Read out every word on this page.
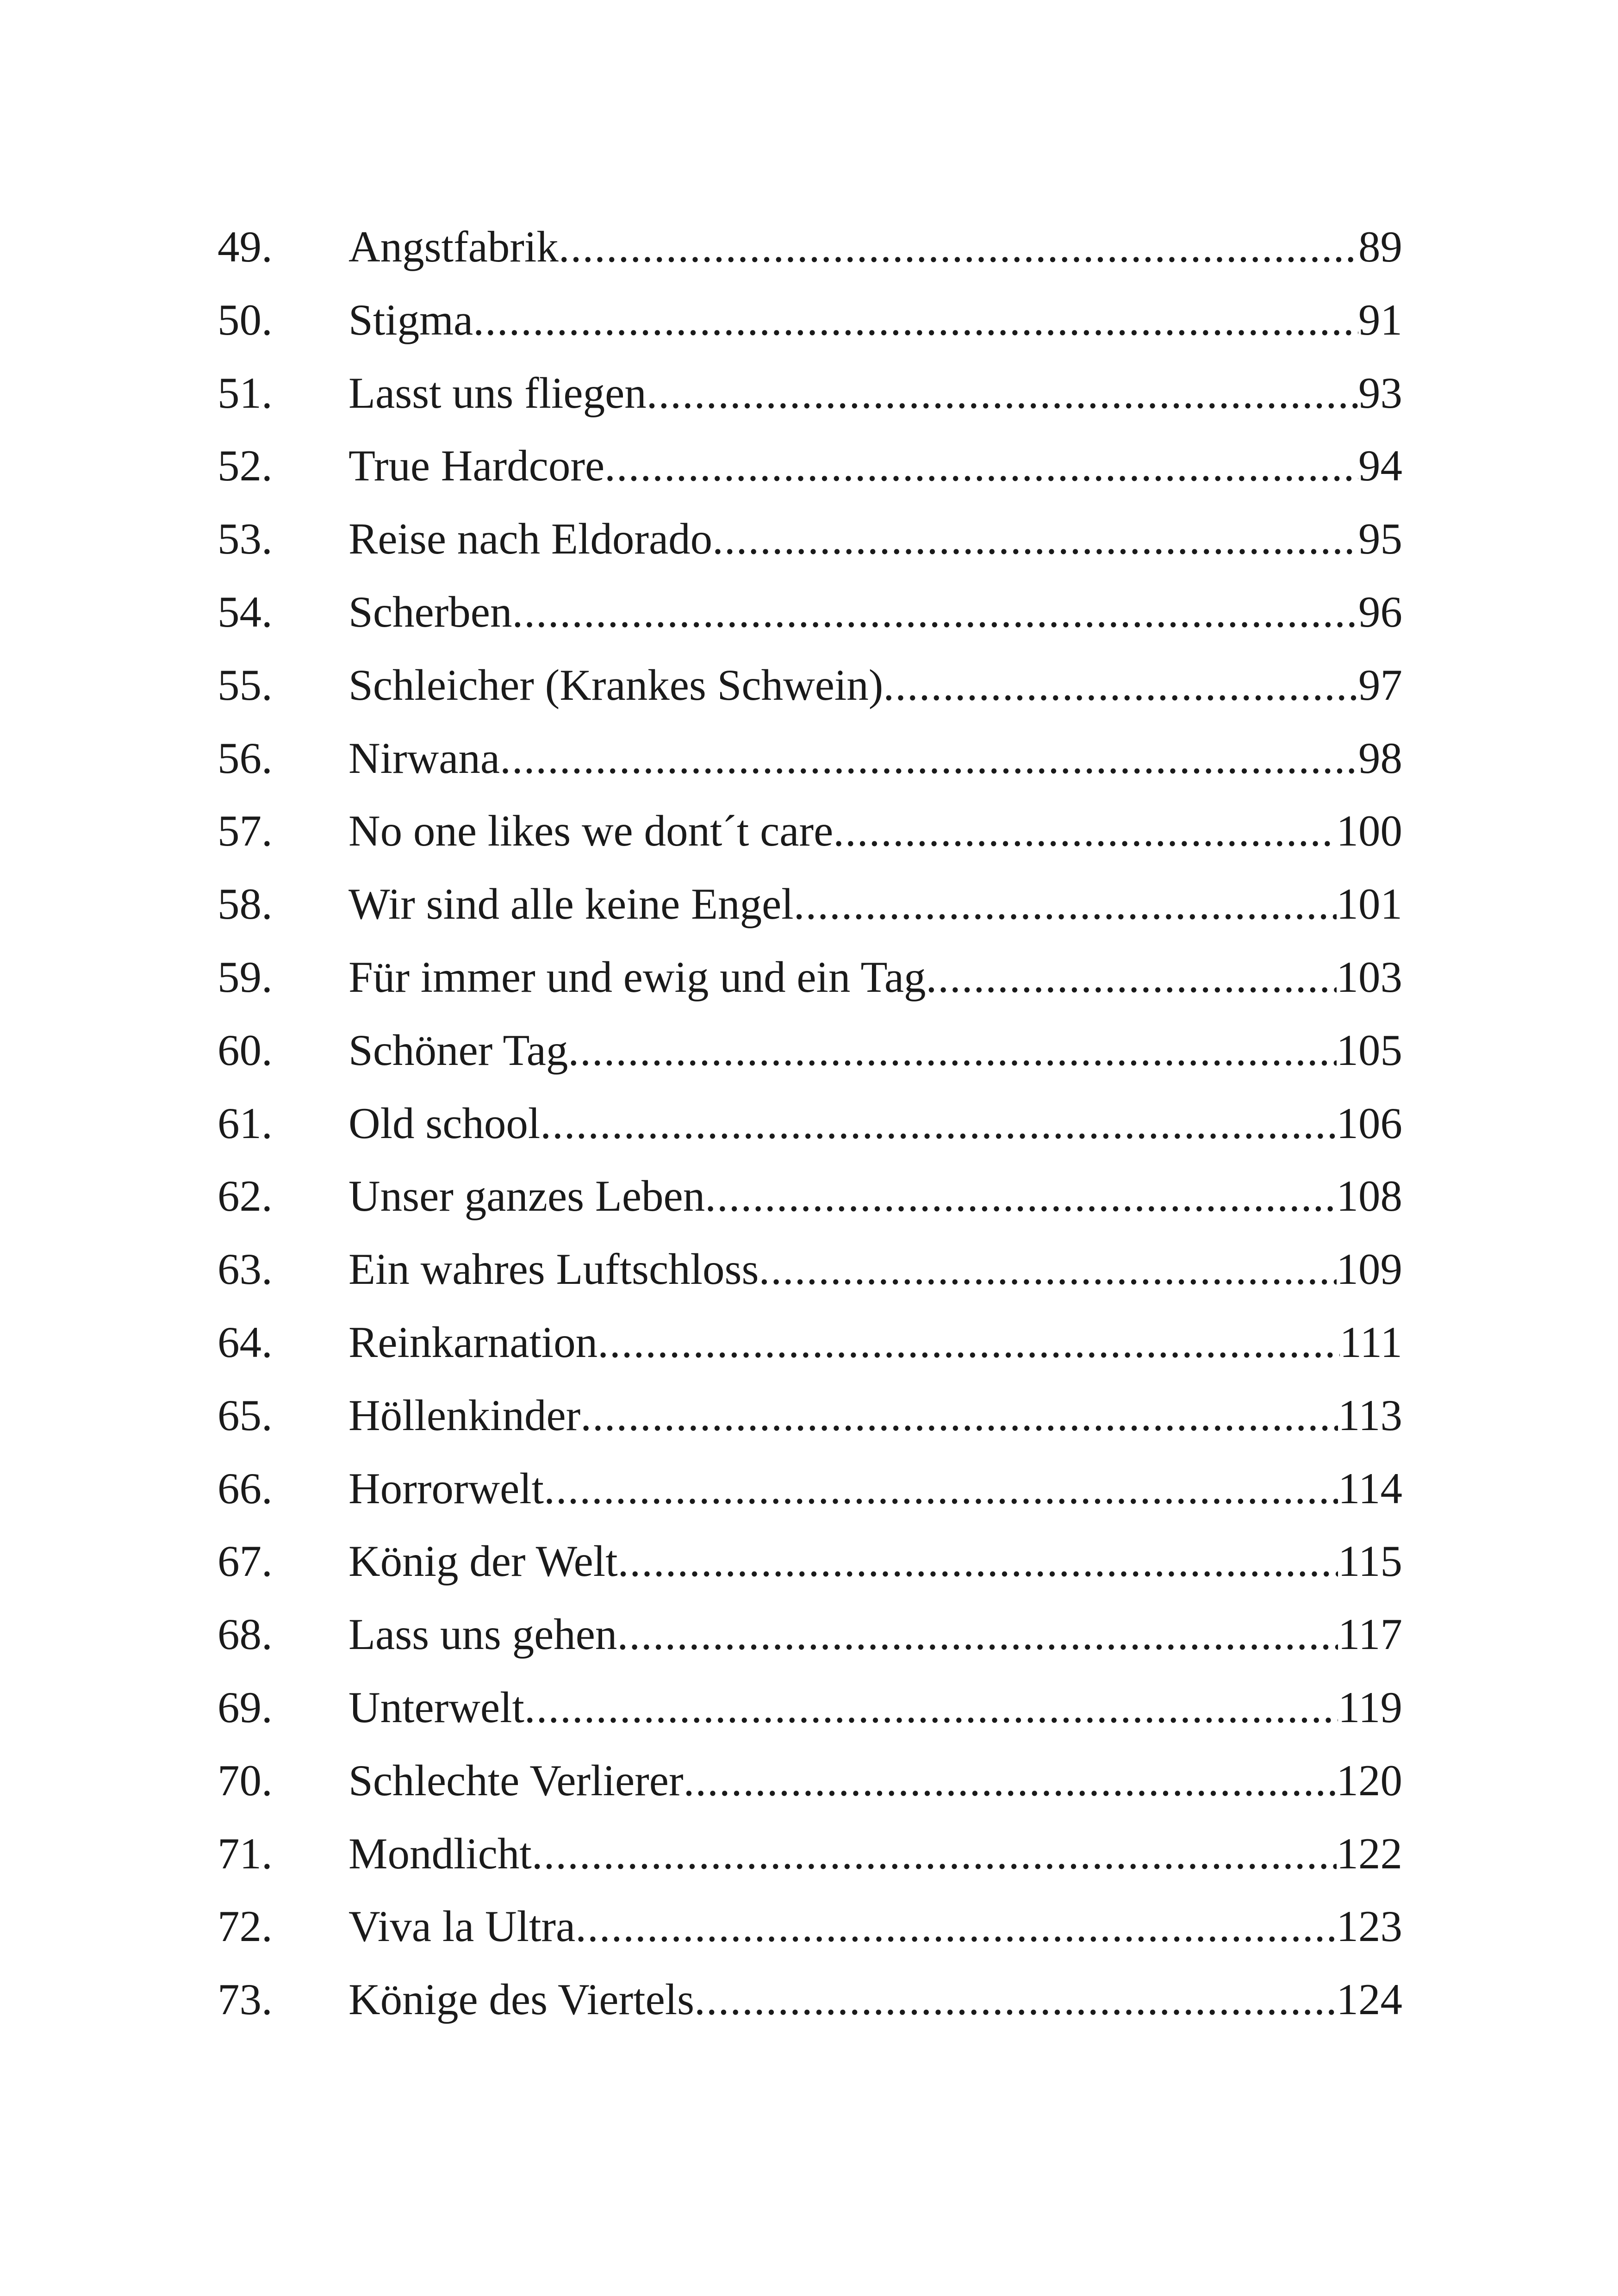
49.	Angstfabrik .....	89
50.	Stigma .....	91
51.	Lasst uns fliegen .....	93
52.	True Hardcore .....	94
53.	Reise nach Eldorado .....	95
54.	Scherben .....	96
55.	Schleicher (Krankes Schwein) .....	97
56.	Nirwana .....	98
57.	No one likes we dont´t care .....	100
58.	Wir sind alle keine Engel .....	101
59.	Für immer und ewig und ein Tag .....	103
60.	Schöner Tag .....	105
61.	Old school .....	106
62.	Unser ganzes Leben .....	108
63.	Ein wahres Luftschloss .....	109
64.	Reinkarnation .....	111
65.	Höllenkinder .....	113
66.	Horrorwelt .....	114
67.	König der Welt .....	115
68.	Lass uns gehen .....	117
69.	Unterwelt .....	119
70.	Schlechte Verlierer .....	120
71.	Mondlicht .....	122
72.	Viva la Ultra .....	123
73.	Könige des Viertels .....	124
